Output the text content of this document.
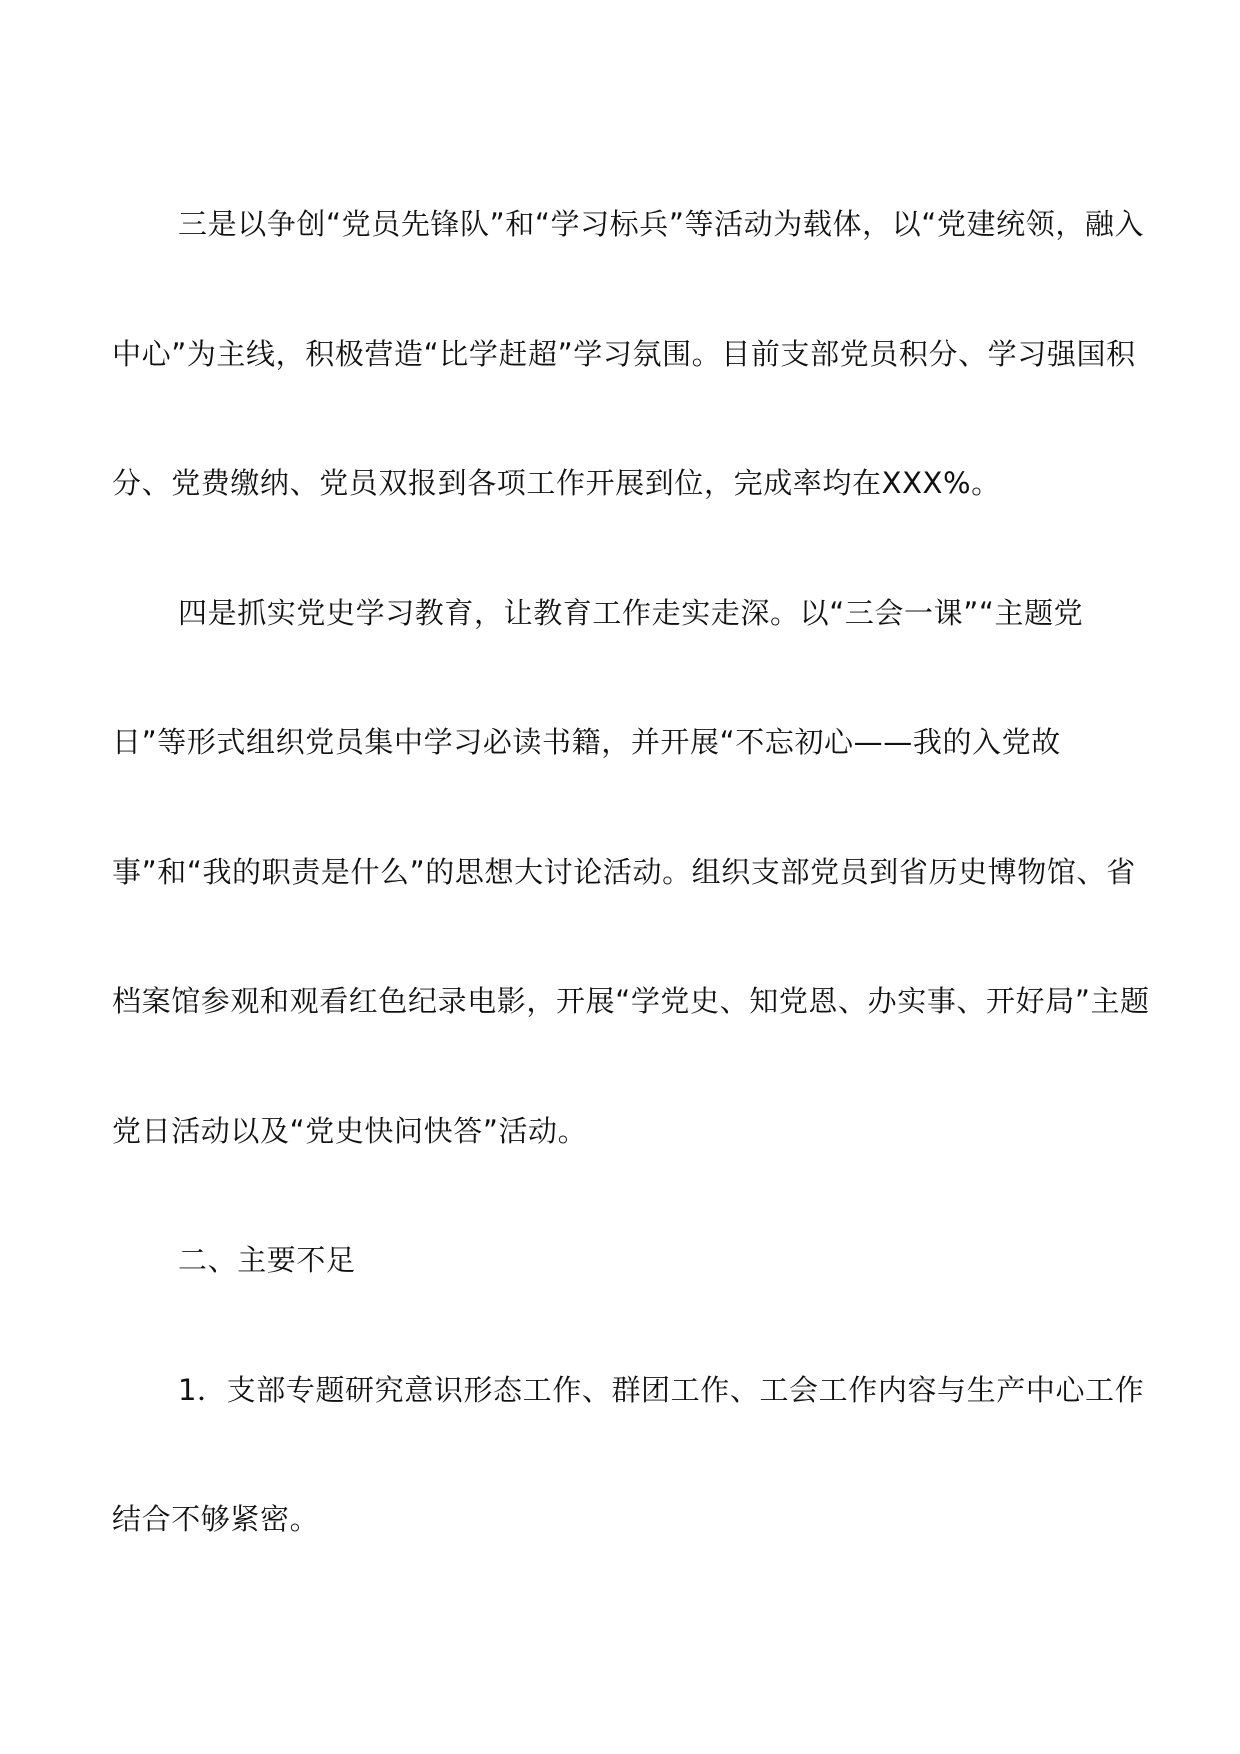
三是以争创“党员先锋队”和“学习标兵”等活动为载体，以“党建统领，融入中心”为主线，积极营造“比学赶超”学习氛围。目前支部党员积分、学习强国积分、党费缴纳、党员双报到各项工作开展到位，完成率均在XXX%。

四是抓实党史学习教育，让教育工作走实走深。以“三会一课”“主题党日”等形式组织党员集中学习必读书籍，并开展“不忘初心——我的入党故事”和“我的职责是什么”的思想大讨论活动。组织支部党员到省历史博物馆、省档案馆参观和观看红色纪录电影，开展“学党史、知党恩、办实事、开好局”主题党日活动以及“党史快问快答”活动。

二、主要不足

1．支部专题研究意识形态工作、群团工作、工会工作内容与生产中心工作结合不够紧密。
